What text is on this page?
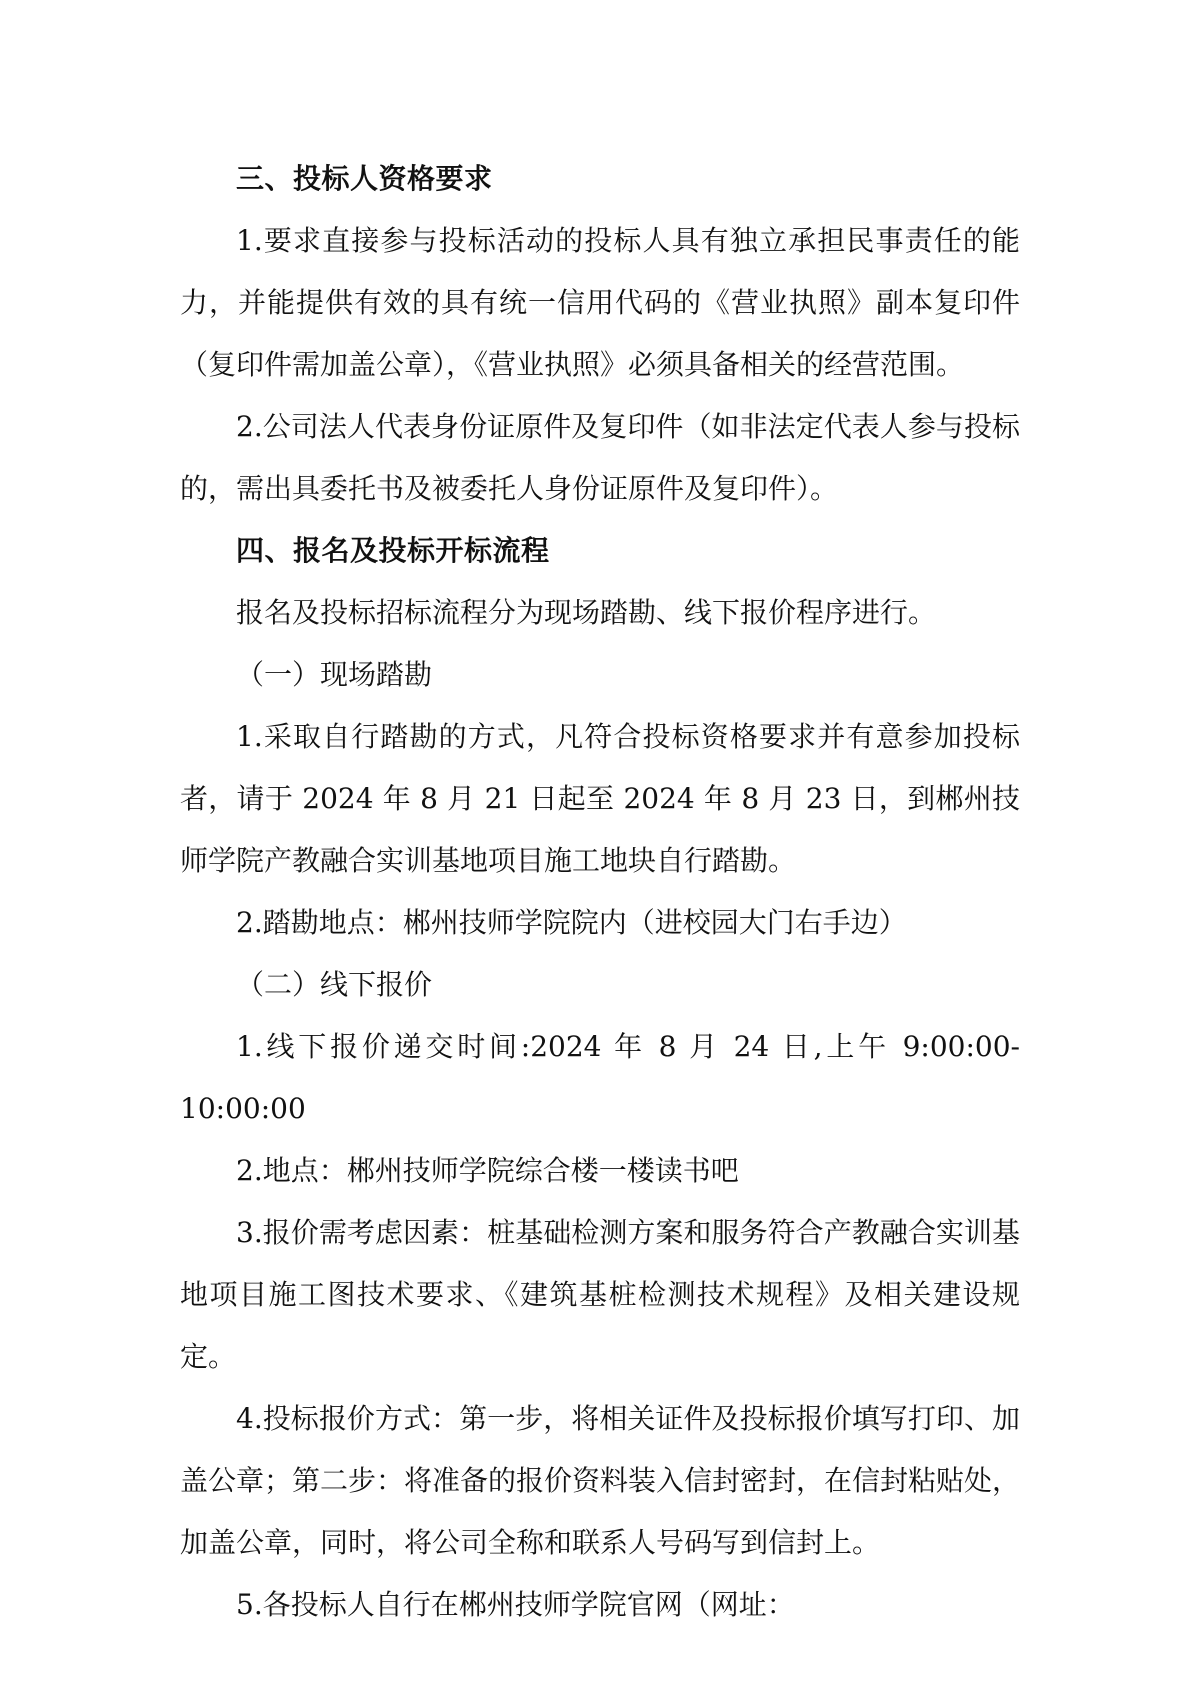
三、投标人资格要求

1.要求直接参与投标活动的投标人具有独立承担民事责任的能力，并能提供有效的具有统一信用代码的《营业执照》副本复印件（复印件需加盖公章），《营业执照》必须具备相关的经营范围。

2.公司法人代表身份证原件及复印件（如非法定代表人参与投标的，需出具委托书及被委托人身份证原件及复印件）。

四、报名及投标开标流程

报名及投标招标流程分为现场踏勘、线下报价程序进行。

（一）现场踏勘

1.采取自行踏勘的方式，凡符合投标资格要求并有意参加投标者，请于 2024 年 8 月 21 日起至 2024 年 8 月 23 日，到郴州技师学院产教融合实训基地项目施工地块自行踏勘。

2.踏勘地点：郴州技师学院院内（进校园大门右手边）

（二）线下报价

1.线下报价递交时间:2024 年 8 月 24 日,上午 9:00:00-10:00:00

2.地点：郴州技师学院综合楼一楼读书吧

3.报价需考虑因素：桩基础检测方案和服务符合产教融合实训基地项目施工图技术要求、《建筑基桩检测技术规程》及相关建设规定。

4.投标报价方式：第一步，将相关证件及投标报价填写打印、加盖公章；第二步：将准备的报价资料装入信封密封，在信封粘贴处，加盖公章，同时，将公司全称和联系人号码写到信封上。

5.各投标人自行在郴州技师学院官网（网址：
